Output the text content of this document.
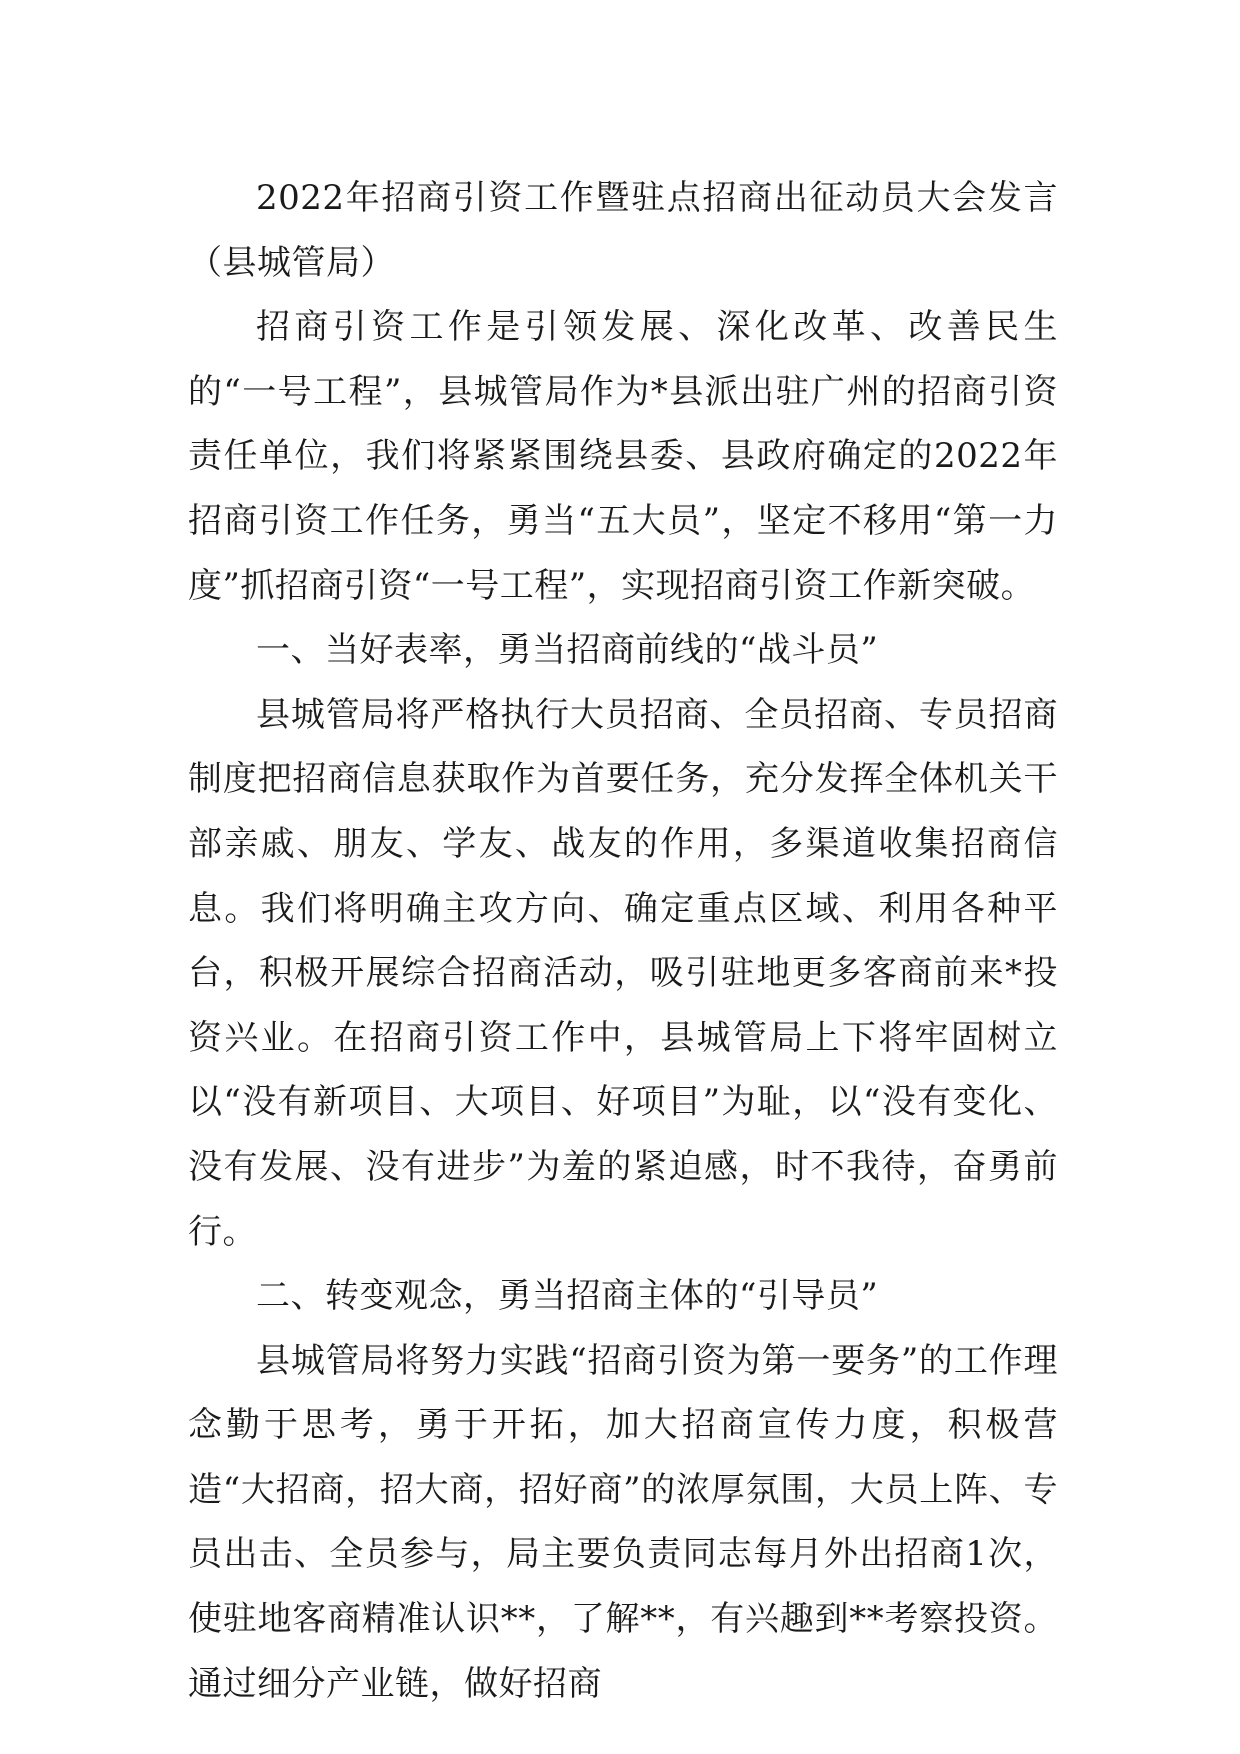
2022年招商引资工作暨驻点招商出征动员大会发言（县城管局）

招商引资工作是引领发展、深化改革、改善民生的“一号工程”，县城管局作为*县派出驻广州的招商引资责任单位，我们将紧紧围绕县委、县政府确定的2022年招商引资工作任务，勇当“五大员”，坚定不移用“第一力度”抓招商引资“一号工程”，实现招商引资工作新突破。

一、当好表率，勇当招商前线的“战斗员”

县城管局将严格执行大员招商、全员招商、专员招商制度把招商信息获取作为首要任务，充分发挥全体机关干部亲戚、朋友、学友、战友的作用，多渠道收集招商信息。我们将明确主攻方向、确定重点区域、利用各种平台，积极开展综合招商活动，吸引驻地更多客商前来*投资兴业。在招商引资工作中，县城管局上下将牢固树立以“没有新项目、大项目、好项目”为耻，以“没有变化、没有发展、没有进步”为羞的紧迫感，时不我待，奋勇前行。

二、转变观念，勇当招商主体的“引导员”

县城管局将努力实践“招商引资为第一要务”的工作理念勤于思考，勇于开拓，加大招商宣传力度，积极营造“大招商，招大商，招好商”的浓厚氛围，大员上阵、专员出击、全员参与，局主要负责同志每月外出招商1次，使驻地客商精准认识**，了解**，有兴趣到**考察投资。通过细分产业链，做好招商
